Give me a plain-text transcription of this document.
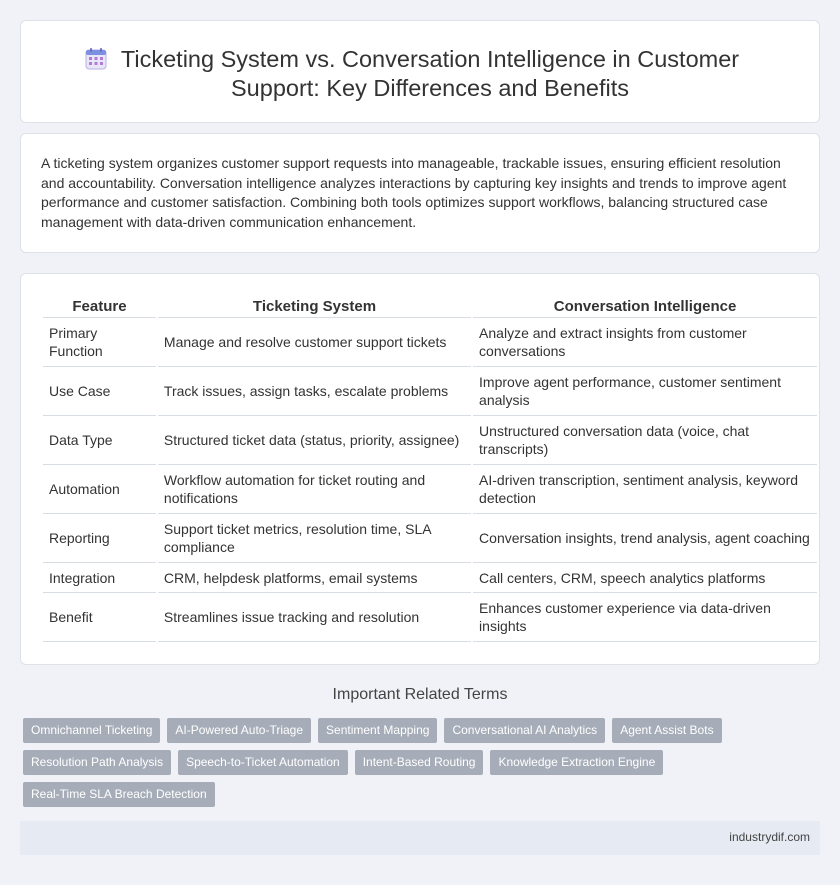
Ticketing System vs. Conversation Intelligence in Customer Support: Key Differences and Benefits

A ticketing system organizes customer support requests into manageable, trackable issues, ensuring efficient resolution and accountability. Conversation intelligence analyzes interactions by capturing key insights and trends to improve agent performance and customer satisfaction. Combining both tools optimizes support workflows, balancing structured case management with data-driven communication enhancement.

Feature	Ticketing System	Conversation Intelligence
Primary Function	Manage and resolve customer support tickets	Analyze and extract insights from customer conversations
Use Case	Track issues, assign tasks, escalate problems	Improve agent performance, customer sentiment analysis
Data Type	Structured ticket data (status, priority, assignee)	Unstructured conversation data (voice, chat transcripts)
Automation	Workflow automation for ticket routing and notifications	AI-driven transcription, sentiment analysis, keyword detection
Reporting	Support ticket metrics, resolution time, SLA compliance	Conversation insights, trend analysis, agent coaching
Integration	CRM, helpdesk platforms, email systems	Call centers, CRM, speech analytics platforms
Benefit	Streamlines issue tracking and resolution	Enhances customer experience via data-driven insights
Important Related Terms
Omnichannel Ticketing	AI-Powered Auto-Triage	Sentiment Mapping	Conversational AI Analytics	Agent Assist Bots
Resolution Path Analysis	Speech-to-Ticket Automation	Intent-Based Routing	Knowledge Extraction Engine
Real-Time SLA Breach Detection
industrydif.com
